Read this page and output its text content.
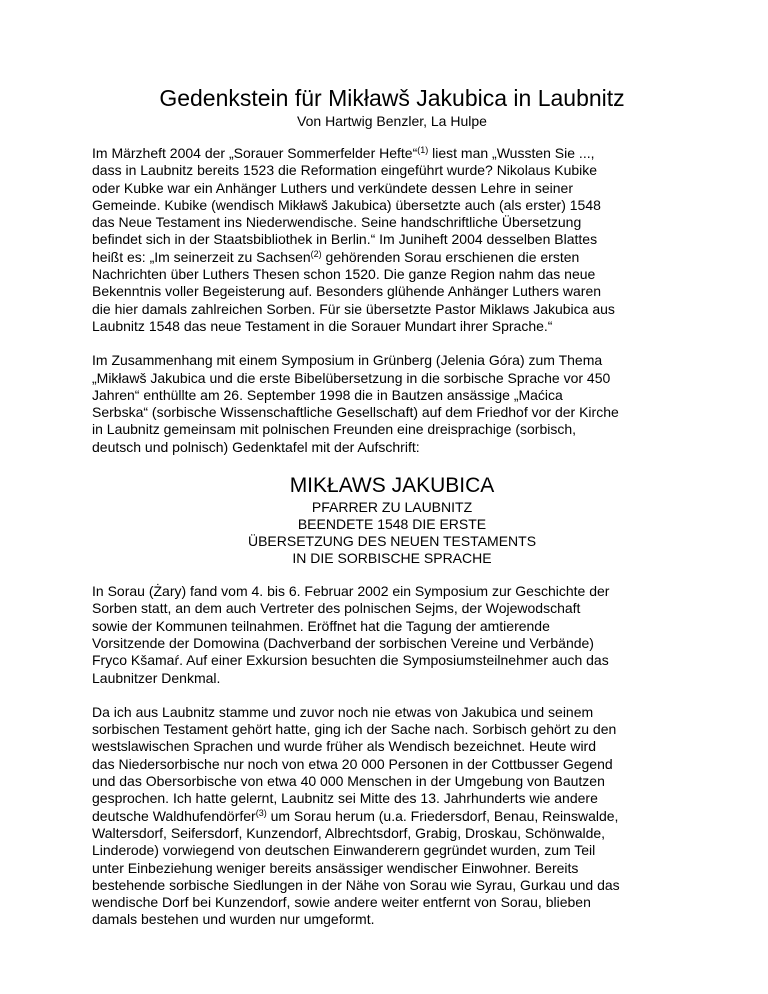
Gedenkstein für Mikławš Jakubica in Laubnitz
Von Hartwig Benzler, La Hulpe

Im Märzheft 2004 der „Sorauer Sommerfelder Hefte“$^{(1)}$ liest man „Wussten Sie ...,
dass in Laubnitz bereits 1523 die Reformation eingeführt wurde? Nikolaus Kubike
oder Kubke war ein Anhänger Luthers und verkündete dessen Lehre in seiner
Gemeinde. Kubike (wendisch Mikławš Jakubica) übersetzte auch (als erster) 1548
das Neue Testament ins Niederwendische. Seine handschriftliche Übersetzung
befindet sich in der Staatsbibliothek in Berlin.“ Im Juniheft 2004 desselben Blattes
heißt es: „Im seinerzeit zu Sachsen$^{(2)}$ gehörenden Sorau erschienen die ersten
Nachrichten über Luthers Thesen schon 1520. Die ganze Region nahm das neue
Bekenntnis voller Begeisterung auf. Besonders glühende Anhänger Luthers waren
die hier damals zahlreichen Sorben. Für sie übersetzte Pastor Miklaws Jakubica aus
Laubnitz 1548 das neue Testament in die Sorauer Mundart ihrer Sprache.“

Im Zusammenhang mit einem Symposium in Grünberg (Jelenia Góra) zum Thema
„Mikławš Jakubica und die erste Bibelübersetzung in die sorbische Sprache vor 450
Jahren“ enthüllte am 26. September 1998 die in Bautzen ansässige „Maćica
Serbska“ (sorbische Wissenschaftliche Gesellschaft) auf dem Friedhof vor der Kirche
in Laubnitz gemeinsam mit polnischen Freunden eine dreisprachige (sorbisch,
deutsch und polnisch) Gedenktafel mit der Aufschrift:

MIKŁAWS JAKUBICA
PFARRER ZU LAUBNITZ
BEENDETE 1548 DIE ERSTE
ÜBERSETZUNG DES NEUEN TESTAMENTS
IN DIE SORBISCHE SPRACHE

In Sorau (Żary) fand vom 4. bis 6. Februar 2002 ein Symposium zur Geschichte der
Sorben statt, an dem auch Vertreter des polnischen Sejms, der Wojewodschaft
sowie der Kommunen teilnahmen. Eröffnet hat die Tagung der amtierende
Vorsitzende der Domowina (Dachverband der sorbischen Vereine und Verbände)
Fryco Kšamaŕ. Auf einer Exkursion besuchten die Symposiumsteilnehmer auch das
Laubnitzer Denkmal.

Da ich aus Laubnitz stamme und zuvor noch nie etwas von Jakubica und seinem
sorbischen Testament gehört hatte, ging ich der Sache nach. Sorbisch gehört zu den
westslawischen Sprachen und wurde früher als Wendisch bezeichnet. Heute wird
das Niedersorbische nur noch von etwa 20 000 Personen in der Cottbusser Gegend
und das Obersorbische von etwa 40 000 Menschen in der Umgebung von Bautzen
gesprochen. Ich hatte gelernt, Laubnitz sei Mitte des 13. Jahrhunderts wie andere
deutsche Waldhufendörfer$^{(3)}$ um Sorau herum (u.a. Friedersdorf, Benau, Reinswalde,
Waltersdorf, Seifersdorf, Kunzendorf, Albrechtsdorf, Grabig, Droskau, Schönwalde,
Linderode) vorwiegend von deutschen Einwanderern gegründet wurden, zum Teil
unter Einbeziehung weniger bereits ansässiger wendischer Einwohner. Bereits
bestehende sorbische Siedlungen in der Nähe von Sorau wie Syrau, Gurkau und das
wendische Dorf bei Kunzendorf, sowie andere weiter entfernt von Sorau, blieben
damals bestehen und wurden nur umgeformt.
